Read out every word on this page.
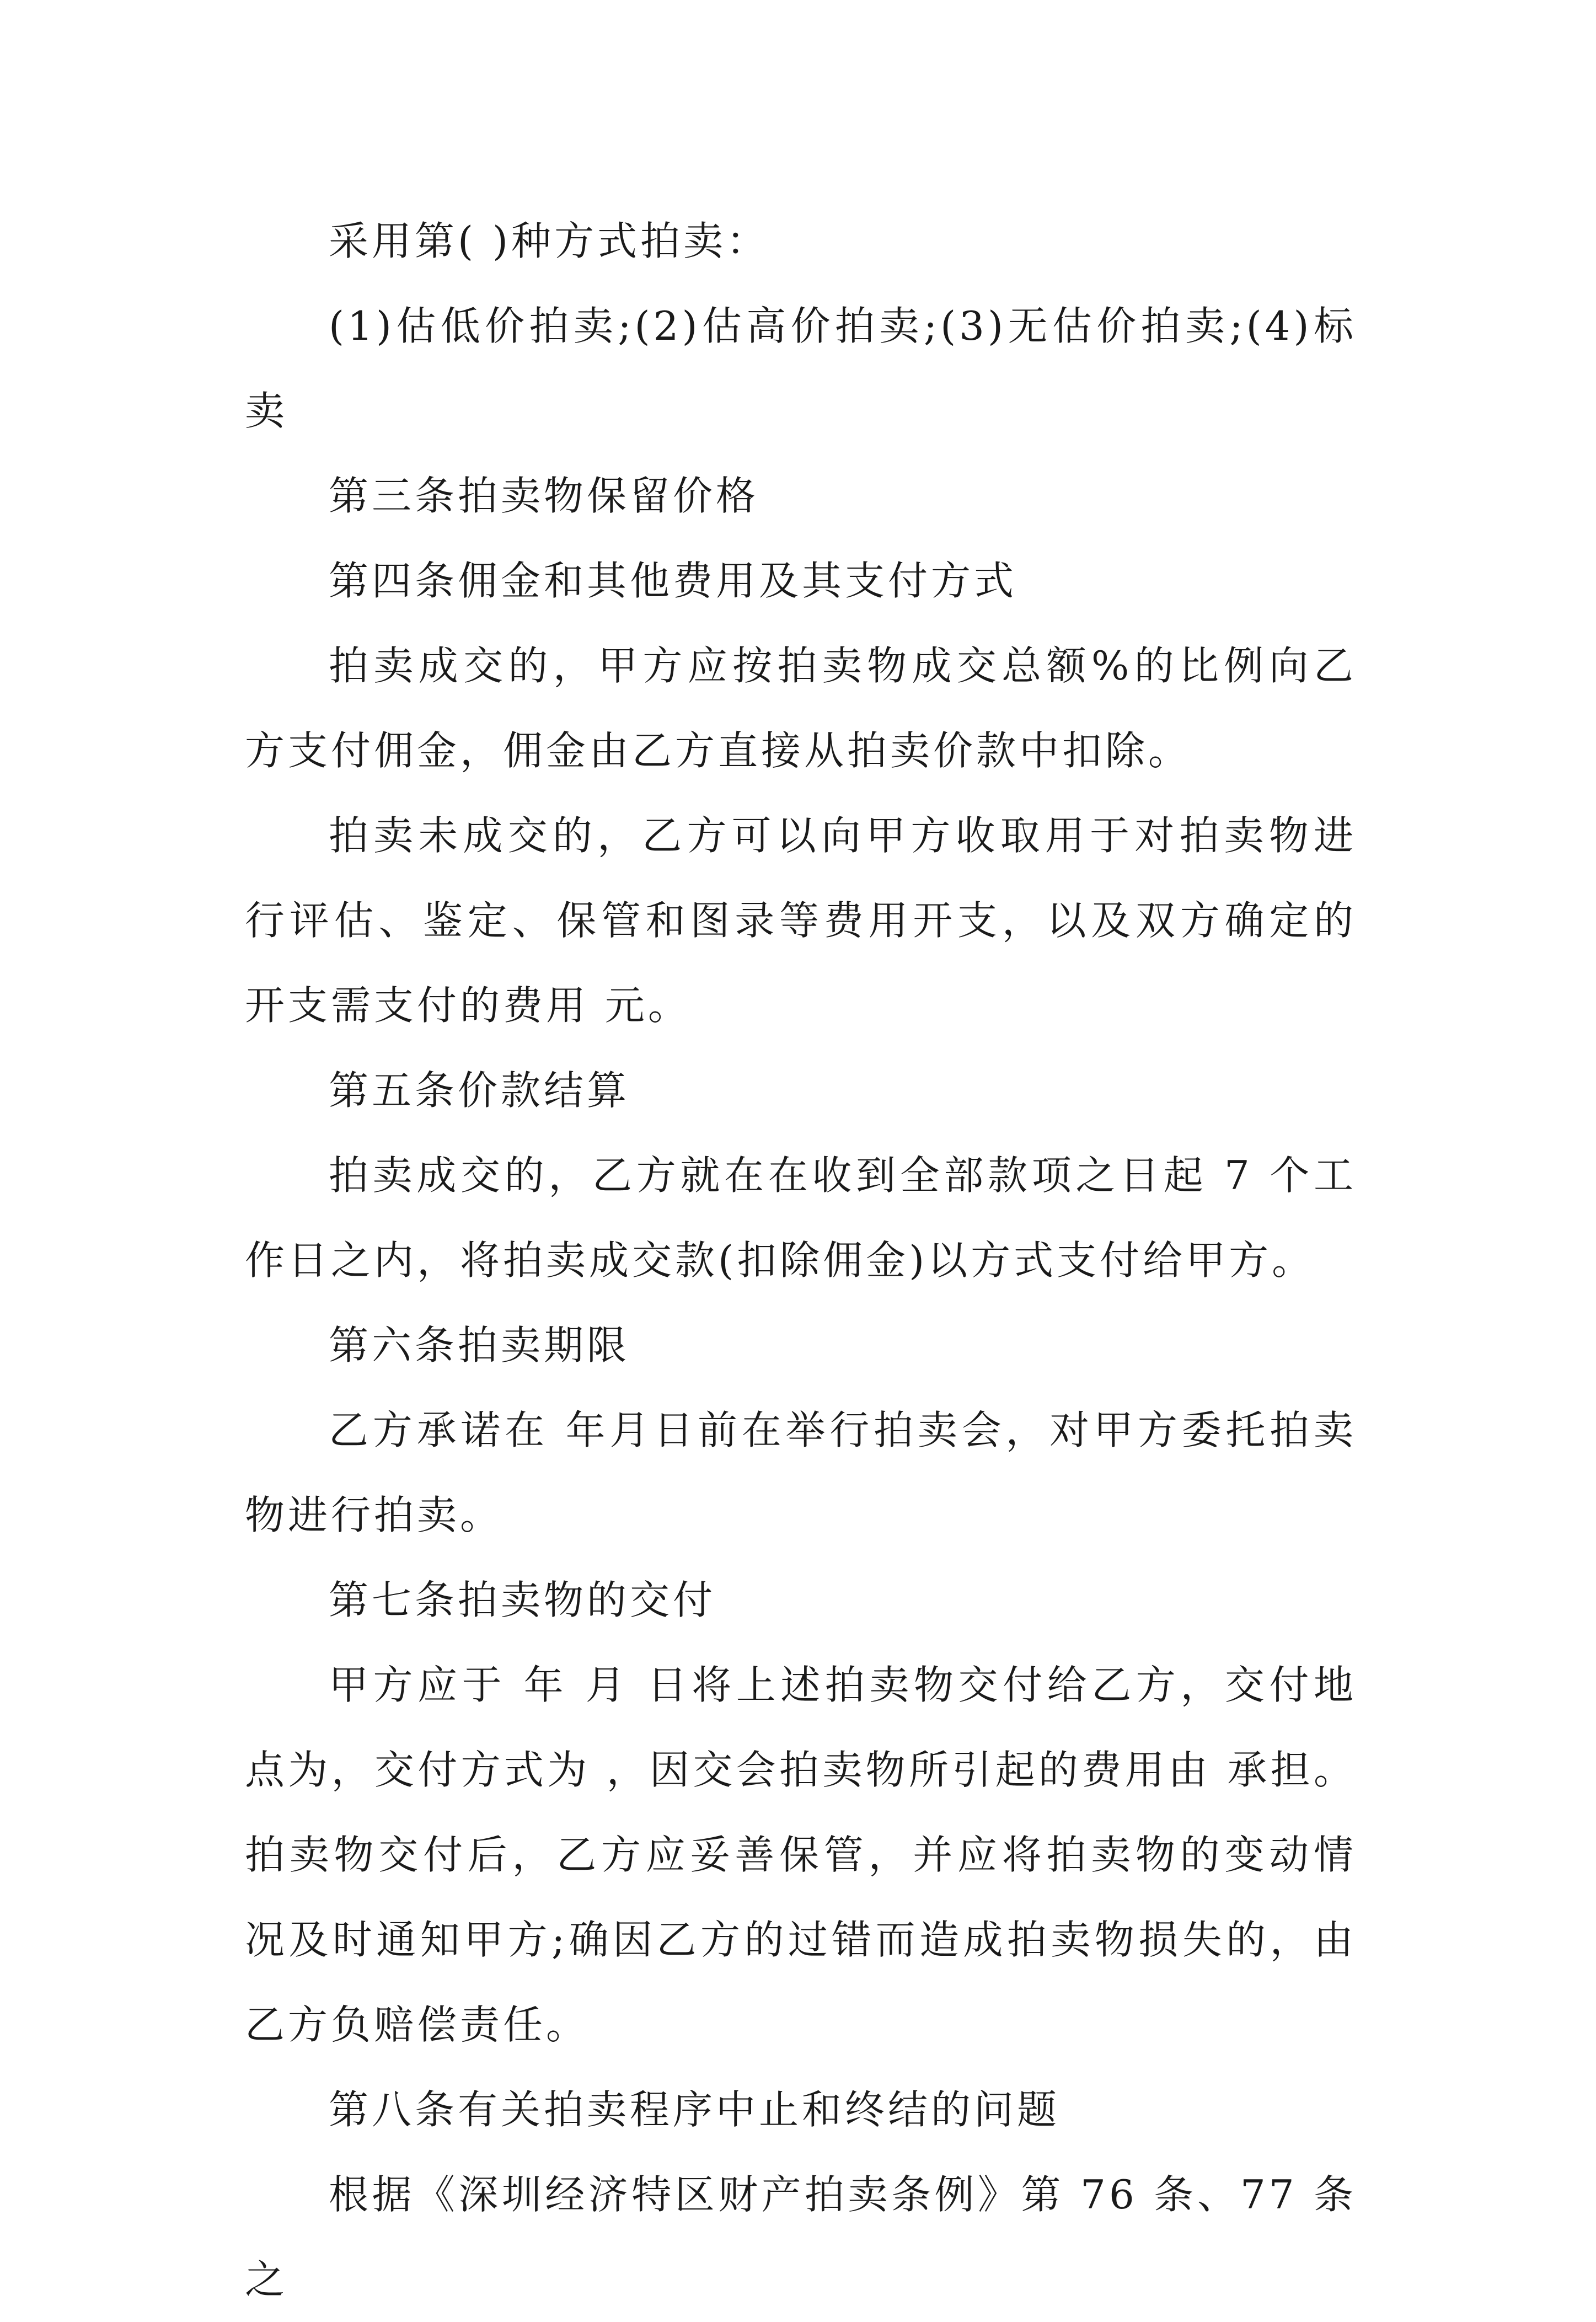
采用第( )种方式拍卖：

(1)估低价拍卖;(2)估高价拍卖;(3)无估价拍卖;(4)标卖

第三条拍卖物保留价格

第四条佣金和其他费用及其支付方式

拍卖成交的，甲方应按拍卖物成交总额%的比例向乙方支付佣金，佣金由乙方直接从拍卖价款中扣除。

拍卖未成交的，乙方可以向甲方收取用于对拍卖物进行评估、鉴定、保管和图录等费用开支，以及双方确定的 开支需支付的费用 元。

第五条价款结算

拍卖成交的，乙方就在在收到全部款项之日起 7 个工作日之内，将拍卖成交款(扣除佣金)以方式支付给甲方。

第六条拍卖期限

乙方承诺在 年月日前在举行拍卖会，对甲方委托拍卖物进行拍卖。

第七条拍卖物的交付

甲方应于 年 月 日将上述拍卖物交付给乙方，交付地点为，交付方式为 ，因交会拍卖物所引起的费用由 承担。拍卖物交付后，乙方应妥善保管，并应将拍卖物的变动情况及时通知甲方;确因乙方的过错而造成拍卖物损失的，由乙方负赔偿责任。

第八条有关拍卖程序中止和终结的问题

根据《深圳经济特区财产拍卖条例》第 76 条、77 条之
